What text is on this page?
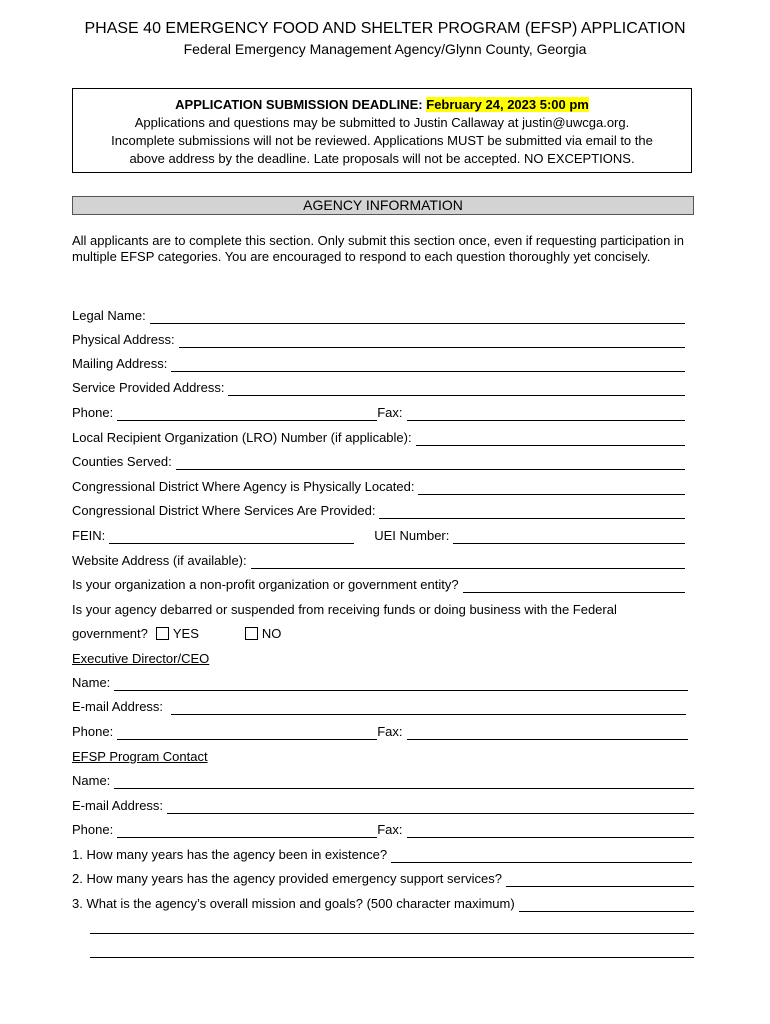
PHASE 40 EMERGENCY FOOD AND SHELTER PROGRAM (EFSP) APPLICATION
Federal Emergency Management Agency/Glynn County, Georgia
APPLICATION SUBMISSION DEADLINE: February 24, 2023 5:00 pm
Applications and questions may be submitted to Justin Callaway at justin@uwcga.org.
Incomplete submissions will not be reviewed. Applications MUST be submitted via email to the
above address by the deadline. Late proposals will not be accepted. NO EXCEPTIONS.
AGENCY INFORMATION
All applicants are to complete this section. Only submit this section once, even if requesting participation in multiple EFSP categories. You are encouraged to respond to each question thoroughly yet concisely.
Legal Name:
Physical Address:
Mailing Address:
Service Provided Address:
Phone:	Fax:
Local Recipient Organization (LRO) Number (if applicable):
Counties Served:
Congressional District Where Agency is Physically Located:
Congressional District Where Services Are Provided:
FEIN:	UEI Number:
Website Address (if available):
Is your organization a non-profit organization or government entity?
Is your agency debarred or suspended from receiving funds or doing business with the Federal
government?	YES	NO
Executive Director/CEO
Name:
E-mail Address:
Phone:	Fax:
EFSP Program Contact
Name:
E-mail Address:
Phone:	Fax:
1. How many years has the agency been in existence?
2. How many years has the agency provided emergency support services?
3. What is the agency’s overall mission and goals? (500 character maximum)
